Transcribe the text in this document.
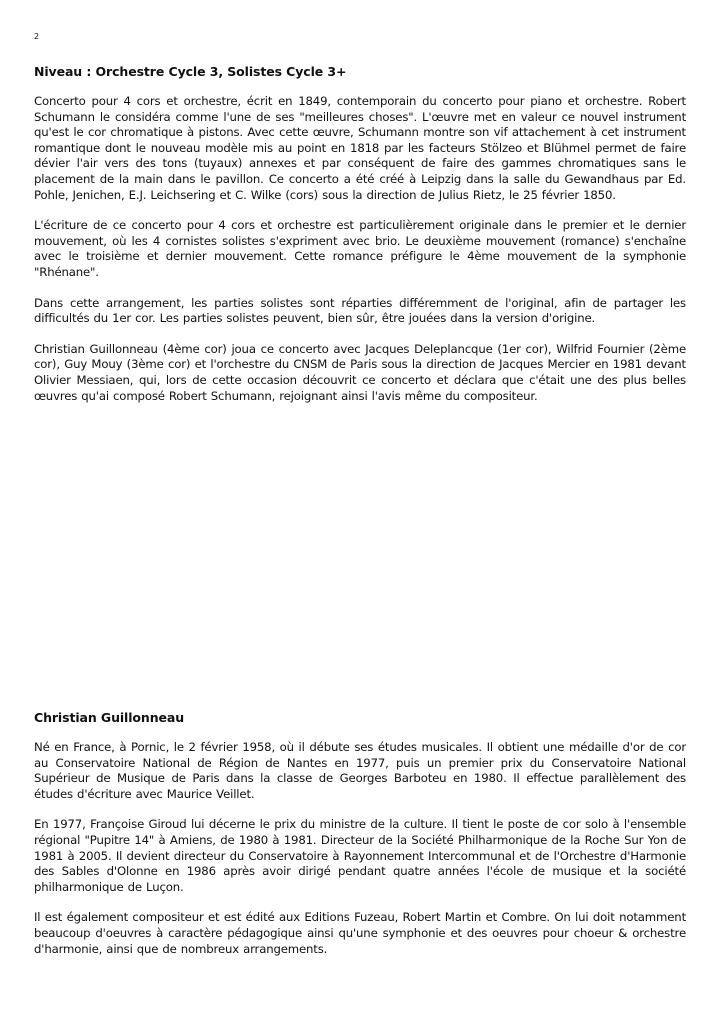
2
Niveau : Orchestre Cycle 3, Solistes Cycle 3+

Concerto pour 4 cors et orchestre, écrit en 1849, contemporain du concerto pour piano et orchestre. Robert Schumann le considéra comme l'une de ses "meilleures choses". L'œuvre met en valeur ce nouvel instrument qu'est le cor chromatique à pistons. Avec cette œuvre, Schumann montre son vif attachement à cet instrument romantique dont le nouveau modèle mis au point en 1818 par les facteurs Stölzeo et Blühmel permet de faire dévier l'air vers des tons (tuyaux) annexes et par conséquent de faire des gammes chromatiques sans le placement de la main dans le pavillon. Ce concerto a été créé à Leipzig dans la salle du Gewandhaus par Ed. Pohle, Jenichen, E.J. Leichsering et C. Wilke (cors) sous la direction de Julius Rietz, le 25 février 1850.

L'écriture de ce concerto pour 4 cors et orchestre est particulièrement originale dans le premier et le dernier mouvement, où les 4 cornistes solistes s'expriment avec brio. Le deuxième mouvement (romance) s'enchaîne avec le troisième et dernier mouvement. Cette romance préfigure le 4ème mouvement de la symphonie "Rhénane".

Dans cette arrangement, les parties solistes sont réparties différemment de l'original, afin de partager les difficultés du 1er cor. Les parties solistes peuvent, bien sûr, être jouées dans la version d'origine.

Christian Guillonneau (4ème cor) joua ce concerto avec Jacques Deleplancque (1er cor), Wilfrid Fournier (2ème cor), Guy Mouy (3ème cor) et l'orchestre du CNSM de Paris sous la direction de Jacques Mercier en 1981 devant Olivier Messiaen, qui, lors de cette occasion découvrit ce concerto et déclara que c'était une des plus belles œuvres qu'ai composé Robert Schumann, rejoignant ainsi l'avis même du compositeur.

Christian Guillonneau

Né en France, à Pornic, le 2 février 1958, où il débute ses études musicales. Il obtient une médaille d'or de cor au Conservatoire National de Région de Nantes en 1977, puis un premier prix du Conservatoire National Supérieur de Musique de Paris dans la classe de Georges Barboteu en 1980. Il effectue parallèlement des études d'écriture avec Maurice Veillet.

En 1977, Françoise Giroud lui décerne le prix du ministre de la culture. Il tient le poste de cor solo à l'ensemble régional "Pupitre 14" à Amiens, de 1980 à 1981. Directeur de la Société Philharmonique de la Roche Sur Yon de 1981 à 2005. Il devient directeur du Conservatoire à Rayonnement Intercommunal et de l'Orchestre d'Harmonie des Sables d'Olonne en 1986 après avoir dirigé pendant quatre années l'école de musique et la société philharmonique de Luçon.

Il est également compositeur et est édité aux Editions Fuzeau, Robert Martin et Combre. On lui doit notamment beaucoup d'oeuvres à caractère pédagogique ainsi qu'une symphonie et des oeuvres pour choeur & orchestre d'harmonie, ainsi que de nombreux arrangements.
